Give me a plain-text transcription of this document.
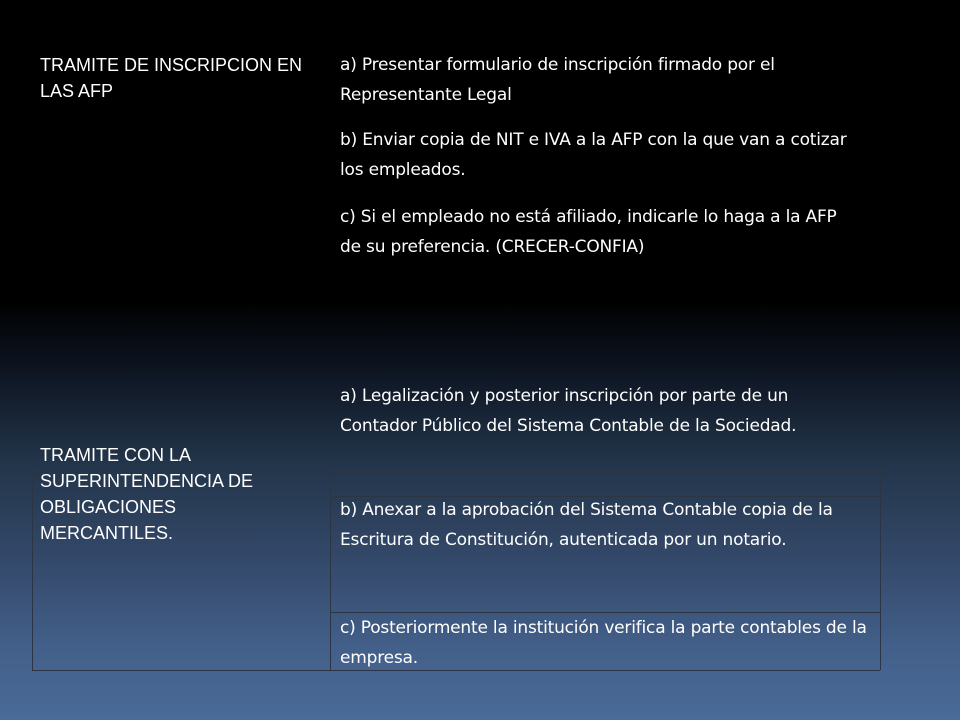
TRAMITE DE INSCRIPCION EN LAS AFP
a) Presentar formulario de inscripción firmado por el Representante Legal
b) Enviar copia de NIT e IVA a la AFP con la que van a cotizar los empleados.
c) Si el empleado no está afiliado, indicarle lo haga a la AFP de su preferencia. (CRECER-CONFIA)
TRAMITE CON LA SUPERINTENDENCIA DE OBLIGACIONES MERCANTILES.
a) Legalización y posterior inscripción por parte de un Contador Público del Sistema Contable de la Sociedad.
b) Anexar a la aprobación del Sistema Contable copia de la Escritura de Constitución, autenticada por un notario.
c) Posteriormente la institución verifica la parte contables de la empresa.
